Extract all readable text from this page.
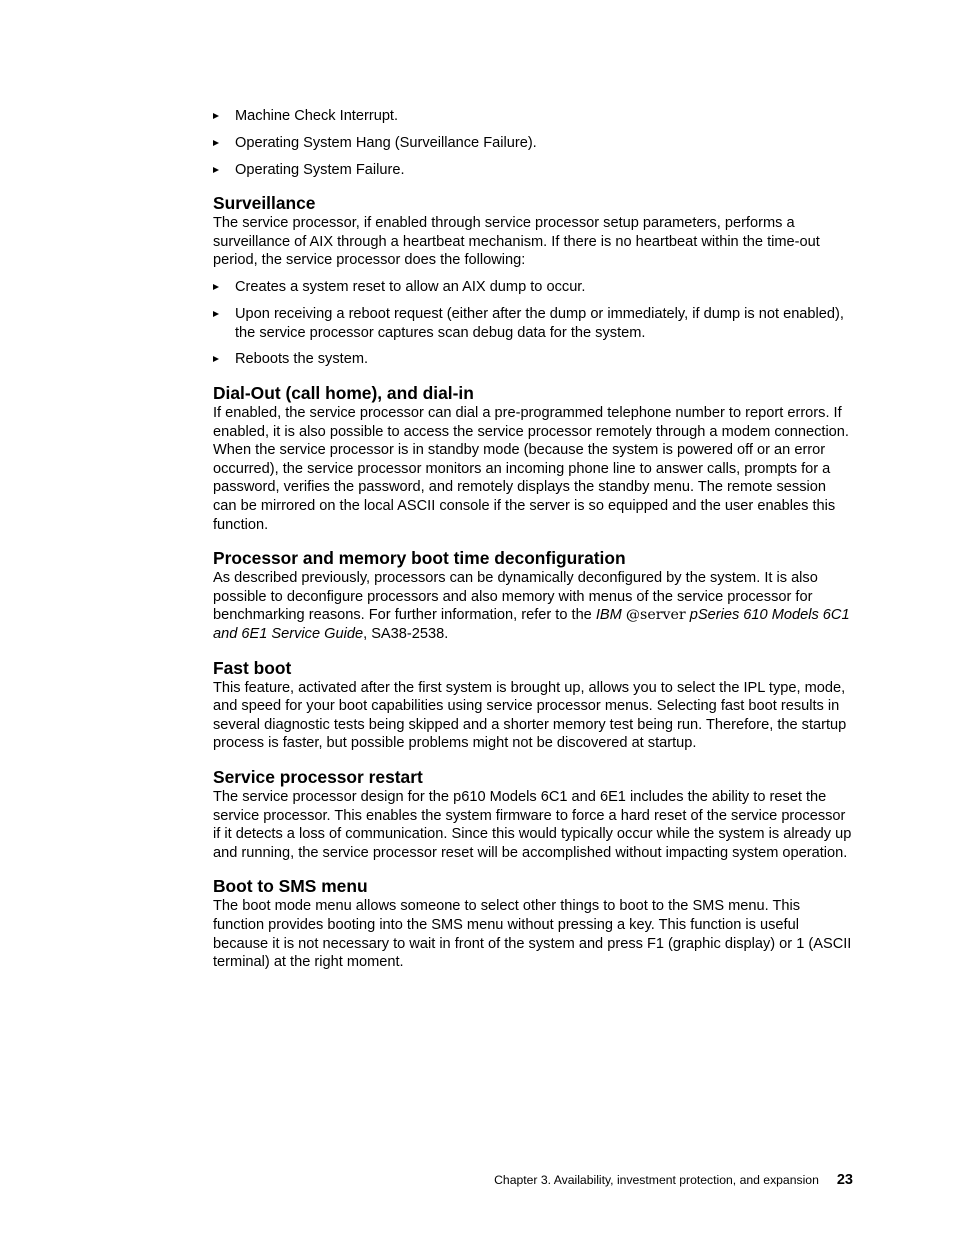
Machine Check Interrupt.
Operating System Hang (Surveillance Failure).
Operating System Failure.
Surveillance

The service processor, if enabled through service processor setup parameters, performs a surveillance of AIX through a heartbeat mechanism. If there is no heartbeat within the time-out period, the service processor does the following:

Creates a system reset to allow an AIX dump to occur.
Upon receiving a reboot request (either after the dump or immediately, if dump is not enabled), the service processor captures scan debug data for the system.
Reboots the system.
Dial-Out (call home), and dial-in

If enabled, the service processor can dial a pre-programmed telephone number to report errors. If enabled, it is also possible to access the service processor remotely through a modem connection. When the service processor is in standby mode (because the system is powered off or an error occurred), the service processor monitors an incoming phone line to answer calls, prompts for a password, verifies the password, and remotely displays the standby menu. The remote session can be mirrored on the local ASCII console if the server is so equipped and the user enables this function.

Processor and memory boot time deconfiguration

As described previously, processors can be dynamically deconfigured by the system. It is also possible to deconfigure processors and also memory with menus of the service processor for benchmarking reasons. For further information, refer to the IBM @server pSeries 610 Models 6C1 and 6E1 Service Guide, SA38-2538.

Fast boot

This feature, activated after the first system is brought up, allows you to select the IPL type, mode, and speed for your boot capabilities using service processor menus. Selecting fast boot results in several diagnostic tests being skipped and a shorter memory test being run. Therefore, the startup process is faster, but possible problems might not be discovered at startup.

Service processor restart

The service processor design for the p610 Models 6C1 and 6E1 includes the ability to reset the service processor. This enables the system firmware to force a hard reset of the service processor if it detects a loss of communication. Since this would typically occur while the system is already up and running, the service processor reset will be accomplished without impacting system operation.

Boot to SMS menu

The boot mode menu allows someone to select other things to boot to the SMS menu. This function provides booting into the SMS menu without pressing a key. This function is useful because it is not necessary to wait in front of the system and press F1 (graphic display) or 1 (ASCII terminal) at the right moment.

Chapter 3. Availability, investment protection, and expansion 23
